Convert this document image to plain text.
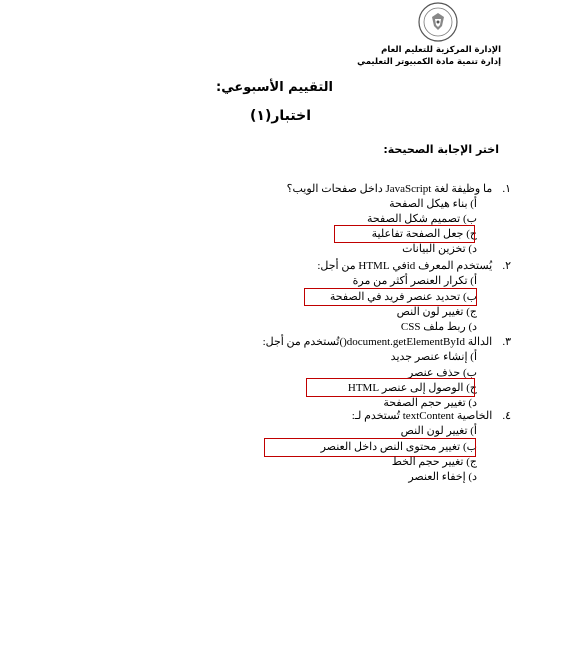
الإدارة المركزية للتعليم العام
إدارة تنمية مادة الكمبيوتر التعليمي
التقييم الأسبوعي:
اختبار(١)
اختر الإجابة الصحيحة:
١. ما وظيفة لغة JavaScript داخل صفحات الويب؟
أ) بناء هيكل الصفحة
ب) تصميم شكل الصفحة
ج) جعل الصفحة تفاعلية
د) تخزين البيانات
٢. يُستخدم المعرف idفي HTML من أجل:
أ) تكرار العنصر أكثر من مرة
ب) تحديد عنصر فريد في الصفحة
ج) تغيير لون النص
د) ربط ملف CSS
٣. الدالة document.getElementById()تُستخدم من أجل:
أ) إنشاء عنصر جديد
ب) حذف عنصر
ج) الوصول إلى عنصر HTML
د) تغيير حجم الصفحة
٤. الخاصية textContent تُستخدم لـ:
أ) تغيير لون النص
ب) تغيير محتوى النص داخل العنصر
ج) تغيير حجم الخط
د) إخفاء العنصر
